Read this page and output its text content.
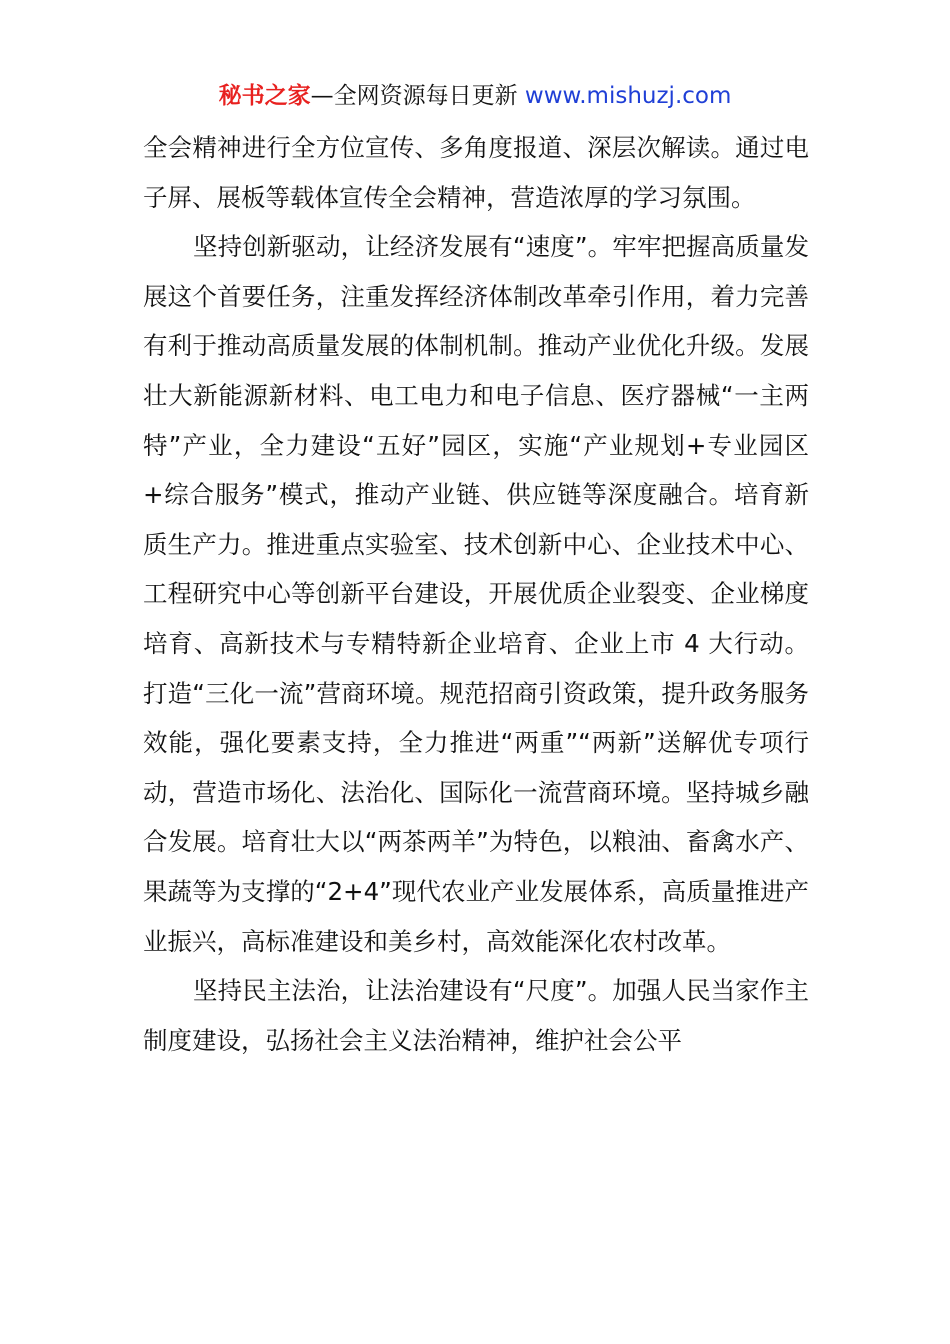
秘书之家—全网资源每日更新 www.mishuzj.com

全会精神进行全方位宣传、多角度报道、深层次解读。通过电子屏、展板等载体宣传全会精神，营造浓厚的学习氛围。

坚持创新驱动，让经济发展有“速度”。牢牢把握高质量发展这个首要任务，注重发挥经济体制改革牵引作用，着力完善有利于推动高质量发展的体制机制。推动产业优化升级。发展壮大新能源新材料、电工电力和电子信息、医疗器械“一主两特”产业，全力建设“五好”园区，实施“产业规划+专业园区+综合服务”模式，推动产业链、供应链等深度融合。培育新质生产力。推进重点实验室、技术创新中心、企业技术中心、工程研究中心等创新平台建设，开展优质企业裂变、企业梯度培育、高新技术与专精特新企业培育、企业上市 4 大行动。打造“三化一流”营商环境。规范招商引资政策，提升政务服务效能，强化要素支持，全力推进“两重”“两新”送解优专项行动，营造市场化、法治化、国际化一流营商环境。坚持城乡融合发展。培育壮大以“两茶两羊”为特色，以粮油、畜禽水产、果蔬等为支撑的“2+4”现代农业产业发展体系，高质量推进产业振兴，高标准建设和美乡村，高效能深化农村改革。

坚持民主法治，让法治建设有“尺度”。加强人民当家作主制度建设，弘扬社会主义法治精神，维护社会公平
